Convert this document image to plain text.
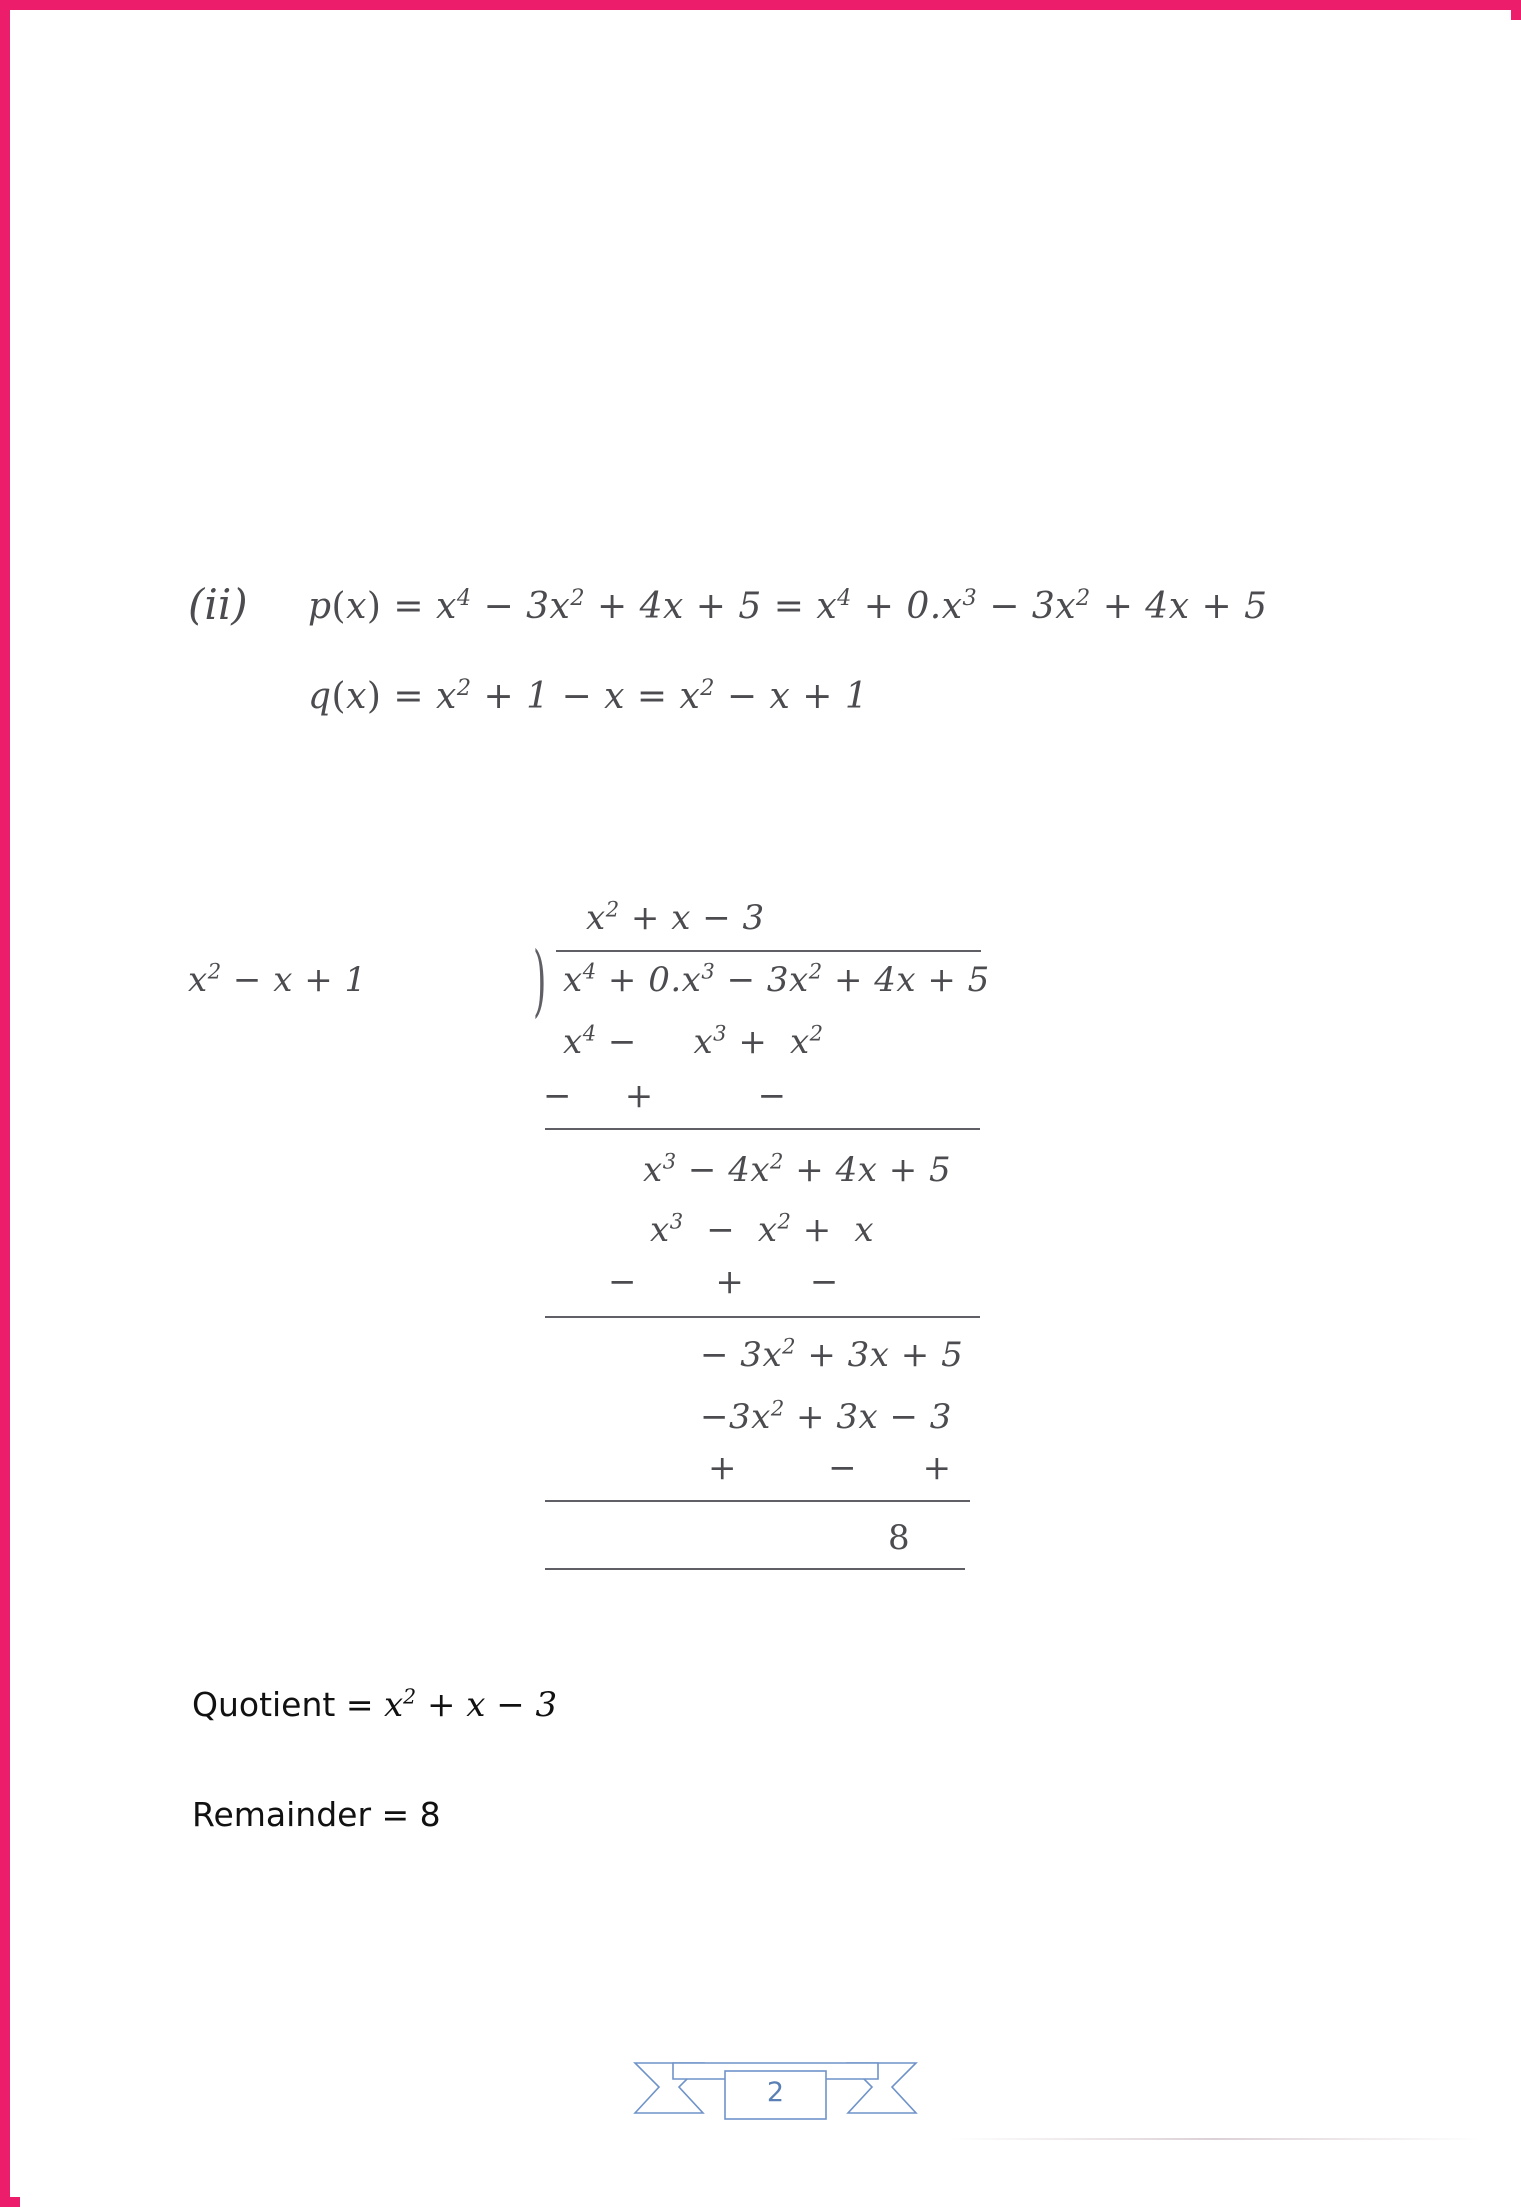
(ii) $p(x) = x^4 - 3x^2 + 4x + 5 = x^4 + 0.x^3 - 3x^2 + 4x + 5$
$q(x) = x^2 + 1 - x = x^2 - x + 1$
$x^2 - x + 1$	)
$x^2 + x - 3$
$x^4 + 0.x^3 - 3x^2 + 4x + 5$
$x^4$ −     $x^3 + x^2$
−    +        −
$x^3 - 4x^2 + 4x + 5$
$x^3 - x^2 + x$
−      +     −
− $3x^2 + 3x + 5$
$-3x^2 + 3x - 3$
+       −     +
8
Quotient = $x^2 + x - 3$
Remainder = 8
2
